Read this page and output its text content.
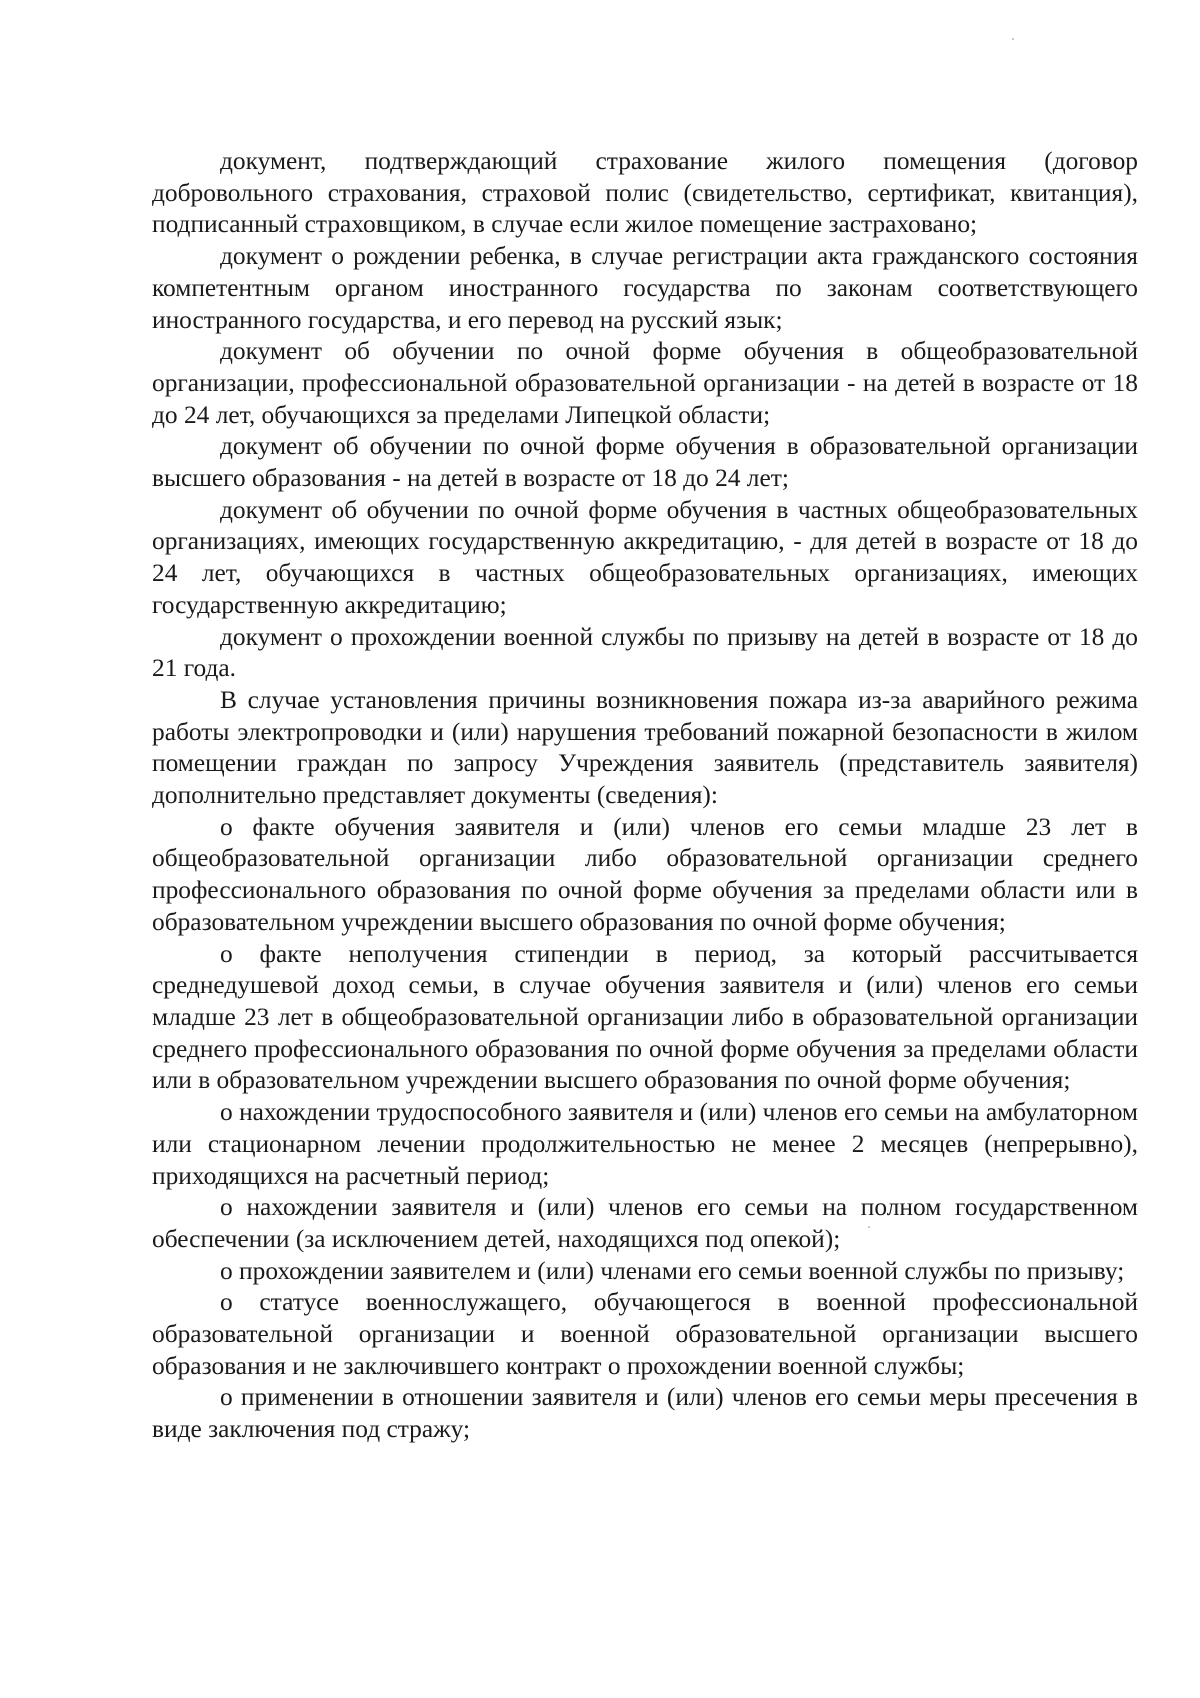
документ, подтверждающий страхование жилого помещения (договор добровольного страхования, страховой полис (свидетельство, сертификат, квитанция), подписанный страховщиком, в случае если жилое помещение застраховано;

документ о рождении ребенка, в случае регистрации акта гражданского состояния компетентным органом иностранного государства по законам соответствующего иностранного государства, и его перевод на русский язык;

документ об обучении по очной форме обучения в общеобразовательной организации, профессиональной образовательной организации - на детей в возрасте от 18 до 24 лет, обучающихся за пределами Липецкой области;

документ об обучении по очной форме обучения в образовательной организации высшего образования - на детей в возрасте от 18 до 24 лет;

документ об обучении по очной форме обучения в частных общеобразовательных организациях, имеющих государственную аккредитацию, - для детей в возрасте от 18 до 24 лет, обучающихся в частных общеобразовательных организациях, имеющих государственную аккредитацию;

документ о прохождении военной службы по призыву на детей в возрасте от 18 до 21 года.

В случае установления причины возникновения пожара из-за аварийного режима работы электропроводки и (или) нарушения требований пожарной безопасности в жилом помещении граждан по запросу Учреждения заявитель (представитель заявителя) дополнительно представляет документы (сведения):

о факте обучения заявителя и (или) членов его семьи младше 23 лет в общеобразовательной организации либо образовательной организации среднего профессионального образования по очной форме обучения за пределами области или в образовательном учреждении высшего образования по очной форме обучения;

о факте неполучения стипендии в период, за который рассчитывается среднедушевой доход семьи, в случае обучения заявителя и (или) членов его семьи младше 23 лет в общеобразовательной организации либо в образовательной организации среднего профессионального образования по очной форме обучения за пределами области или в образовательном учреждении высшего образования по очной форме обучения;

о нахождении трудоспособного заявителя и (или) членов его семьи на амбулаторном или стационарном лечении продолжительностью не менее 2 месяцев (непрерывно), приходящихся на расчетный период;

о нахождении заявителя и (или) членов его семьи на полном государственном обеспечении (за исключением детей, находящихся под опекой);

о прохождении заявителем и (или) членами его семьи военной службы по призыву;

о статусе военнослужащего, обучающегося в военной профессиональной образовательной организации и военной образовательной организации высшего образования и не заключившего контракт о прохождении военной службы;

о применении в отношении заявителя и (или) членов его семьи меры пресечения в виде заключения под стражу;
